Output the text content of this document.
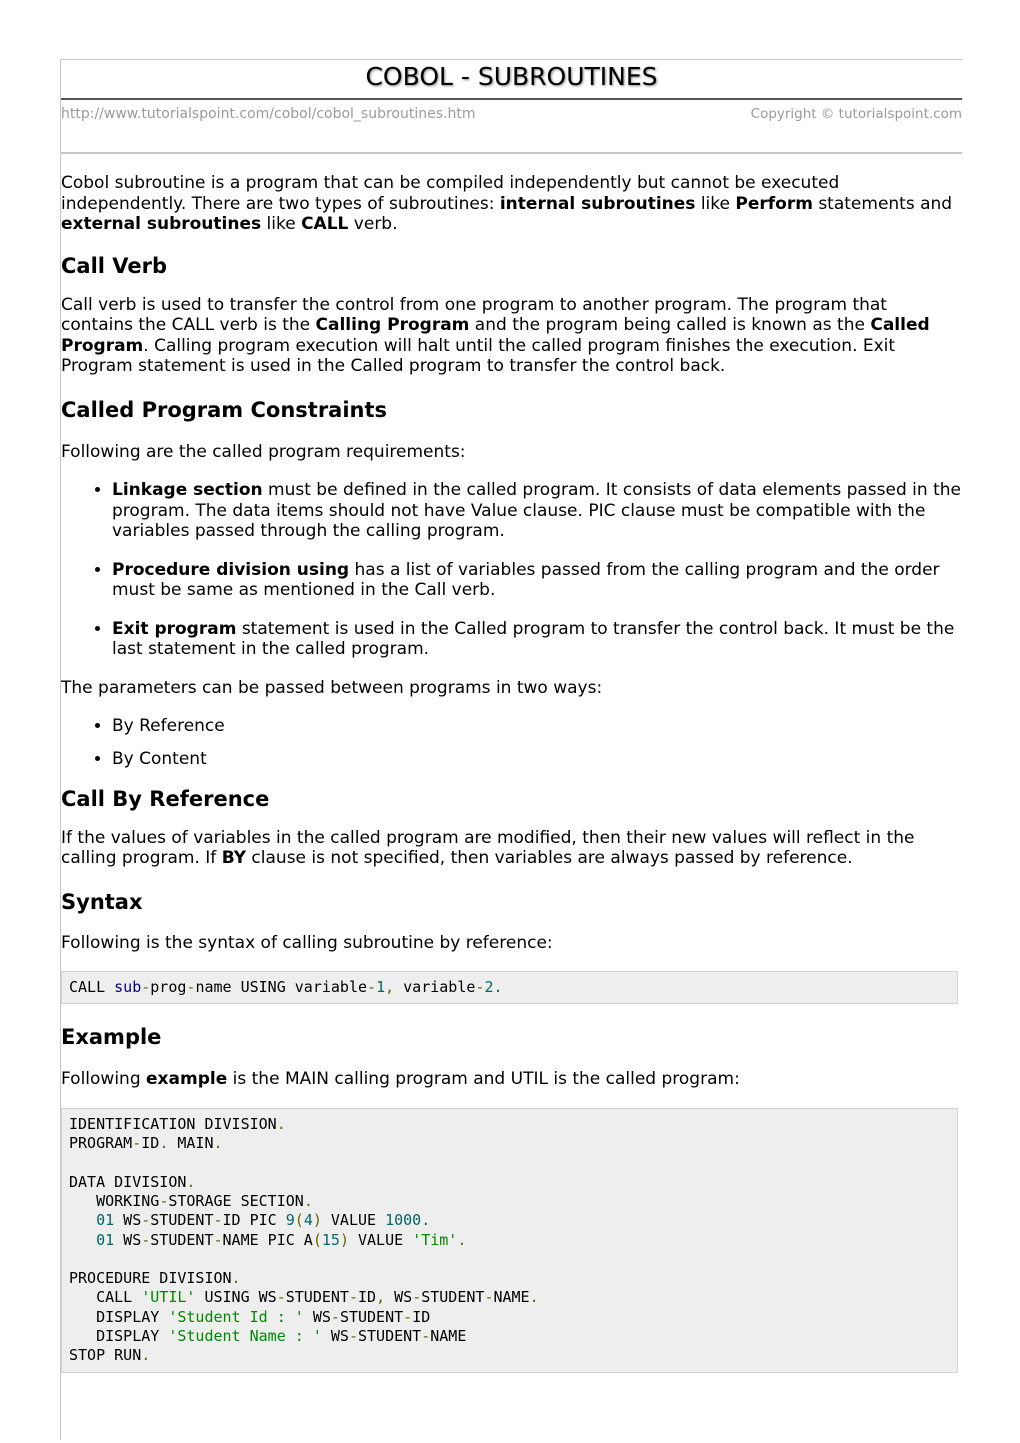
COBOL - SUBROUTINES
http://www.tutorialspoint.com/cobol/cobol_subroutines.htm	Copyright © tutorialspoint.com

Cobol subroutine is a program that can be compiled independently but cannot be executed independently. There are two types of subroutines: internal subroutines like Perform statements and external subroutines like CALL verb.

Call Verb

Call verb is used to transfer the control from one program to another program. The program that contains the CALL verb is the Calling Program and the program being called is known as the Called Program. Calling program execution will halt until the called program finishes the execution. Exit Program statement is used in the Called program to transfer the control back.

Called Program Constraints

Following are the called program requirements:

• Linkage section must be defined in the called program. It consists of data elements passed in the program. The data items should not have Value clause. PIC clause must be compatible with the variables passed through the calling program.
• Procedure division using has a list of variables passed from the calling program and the order must be same as mentioned in the Call verb.
• Exit program statement is used in the Called program to transfer the control back. It must be the last statement in the called program.

The parameters can be passed between programs in two ways:

• By Reference
• By Content
Call By Reference

If the values of variables in the called program are modified, then their new values will reflect in the calling program. If BY clause is not specified, then variables are always passed by reference.

Syntax

Following is the syntax of calling subroutine by reference:

CALL sub-prog-name USING variable-1, variable-2.
Example

Following example is the MAIN calling program and UTIL is the called program:

IDENTIFICATION DIVISION.
PROGRAM-ID. MAIN.
DATA DIVISION.
WORKING-STORAGE SECTION.
01 WS-STUDENT-ID PIC 9(4) VALUE 1000.
01 WS-STUDENT-NAME PIC A(15) VALUE 'Tim'.
PROCEDURE DIVISION.
CALL 'UTIL' USING WS-STUDENT-ID, WS-STUDENT-NAME.
DISPLAY 'Student Id : ' WS-STUDENT-ID
DISPLAY 'Student Name : ' WS-STUDENT-NAME
STOP RUN.
